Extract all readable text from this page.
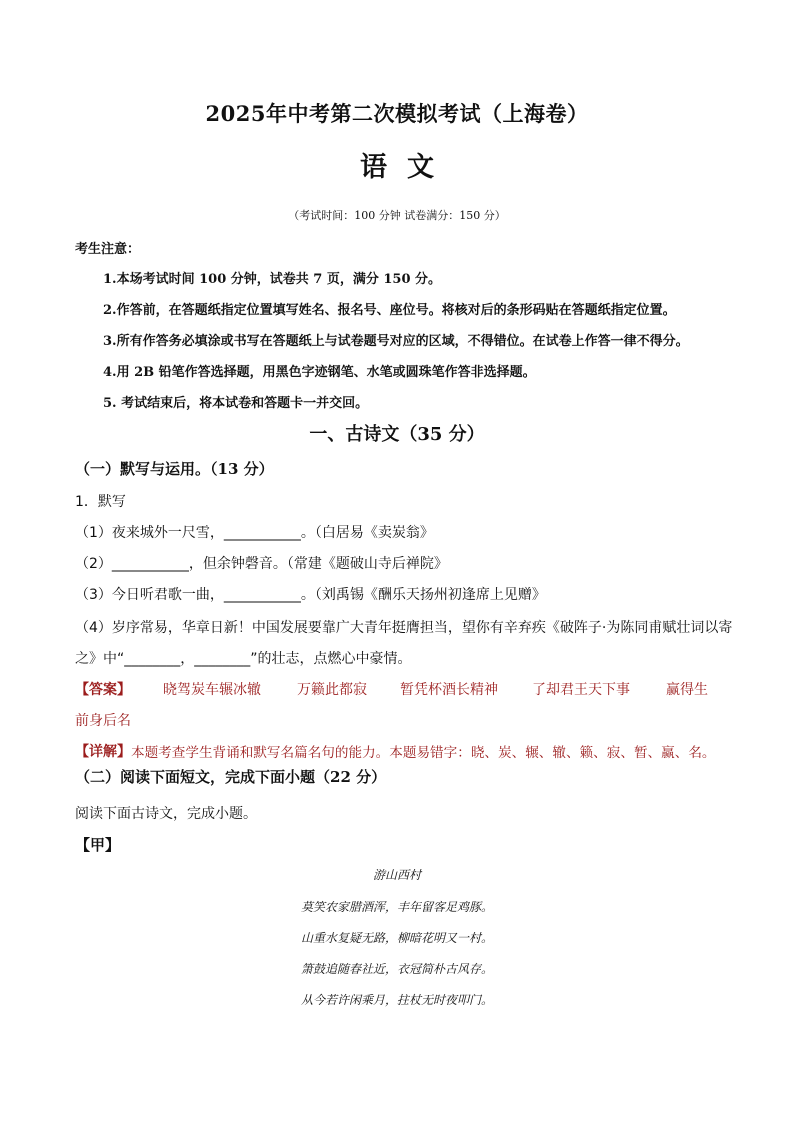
2025年中考第二次模拟考试（上海卷）
语文
（考试时间：100 分钟 试卷满分：150 分）
考生注意：
1.本场考试时间 100 分钟，试卷共 7 页，满分 150 分。
2.作答前，在答题纸指定位置填写姓名、报名号、座位号。将核对后的条形码贴在答题纸指定位置。
3.所有作答务必填涂或书写在答题纸上与试卷题号对应的区域，不得错位。在试卷上作答一律不得分。
4.用 2B 铅笔作答选择题，用黑色字迹钢笔、水笔或圆珠笔作答非选择题。
5. 考试结束后，将本试卷和答题卡一并交回。
一、古诗文（35 分）
（一）默写与运用。（13 分）
1．默写
（1）夜来城外一尺雪，___________。（白居易《卖炭翁》
（2）___________，但余钟磬音。（常建《题破山寺后禅院》
（3）今日听君歌一曲，___________。（刘禹锡《酬乐天扬州初逢席上见赠》
（4）岁序常易，华章日新！中国发展要靠广大青年挺膺担当，望你有辛弃疾《破阵子·为陈同甫赋壮词以寄
之》中“________，________”的壮志，点燃心中豪情。
【答案】 晓驾炭车辗冰辙	万籁此都寂 暂凭杯酒长精神 了却君王天下事	赢得生
前身后名
【详解】 本题考查学生背诵和默写名篇名句的能力。本题易错字：晓、炭、辗、辙、籁、寂、暂、赢、名。
（二）阅读下面短文，完成下面小题（22 分）
阅读下面古诗文，完成小题。
【甲】
游山西村
莫笑农家腊酒浑，丰年留客足鸡豚。
山重水复疑无路，柳暗花明又一村。
箫鼓追随春社近，衣冠简朴古风存。
从今若许闲乘月，拄杖无时夜叩门。
